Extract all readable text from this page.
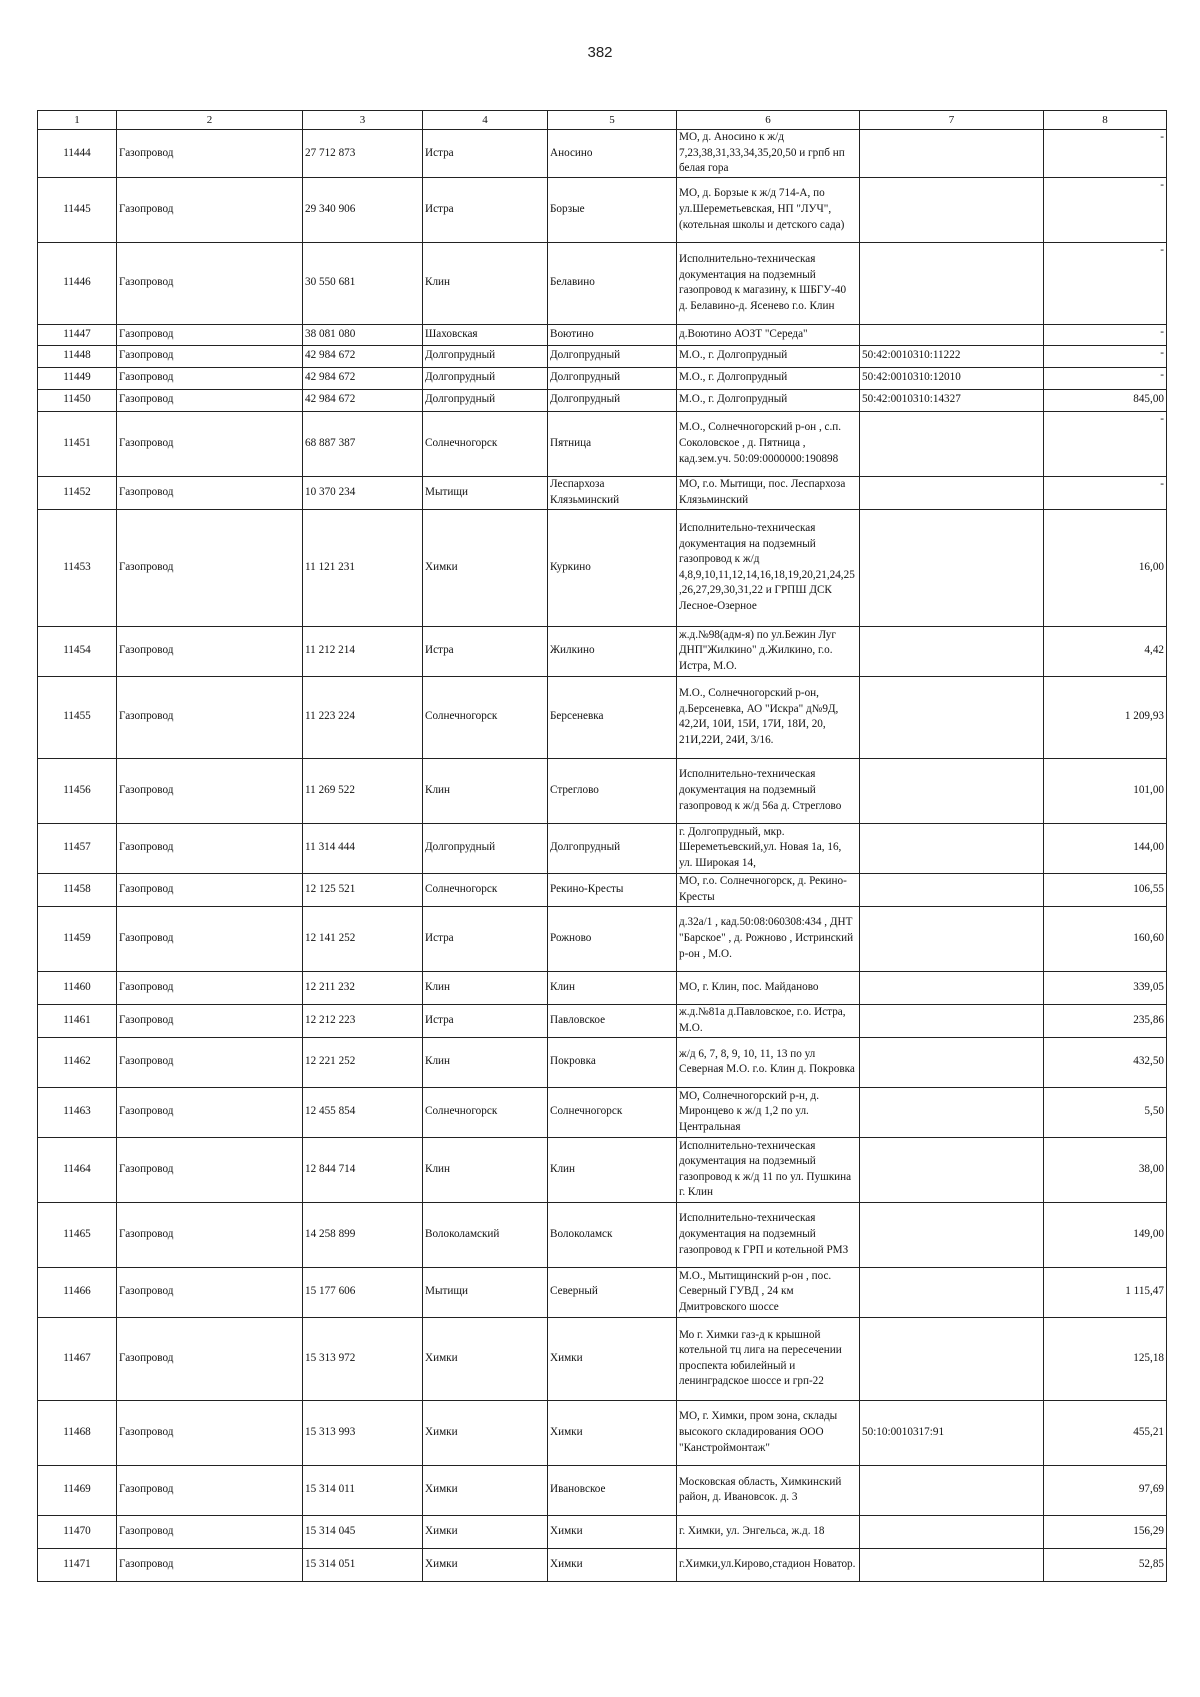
382
1	2	3	4	5	6	7	8
11444	Газопровод	27 712 873	Истра	Аносино	МО, д. Аносино к ж/д 7,23,38,31,33,34,35,20,50 и грпб нп белая гора		-
11445	Газопровод	29 340 906	Истра	Борзые	МО, д. Борзые к ж/д 714-А, по ул.Шереметьевская, НП "ЛУЧ",(котельная школы и детского сада)		-
11446	Газопровод	30 550 681	Клин	Белавино	Исполнительно-техническая документация на подземный газопровод к магазину, к ШБГУ-40 д. Белавино-д. Ясенево г.о. Клин		-
11447	Газопровод	38 081 080	Шаховская	Воютино	д.Воютино АОЗТ "Середа"		-
11448	Газопровод	42 984 672	Долгопрудный	Долгопрудный	М.О., г. Долгопрудный	50:42:0010310:11222	-
11449	Газопровод	42 984 672	Долгопрудный	Долгопрудный	М.О., г. Долгопрудный	50:42:0010310:12010	-
11450	Газопровод	42 984 672	Долгопрудный	Долгопрудный	М.О., г. Долгопрудный	50:42:0010310:14327	845,00
11451	Газопровод	68 887 387	Солнечногорск	Пятница	М.О., Солнечногорский р-он , с.п. Соколовское , д. Пятница , кад.зем.уч. 50:09:0000000:190898		-
11452	Газопровод	10 370 234	Мытищи	Леспархоза Клязьминский	МО, г.о. Мытищи, пос. Леспархоза Клязьминский		-
11453	Газопровод	11 121 231	Химки	Куркино	Исполнительно-техническая документация на подземный газопровод к ж/д 4,8,9,10,11,12,14,16,18,19,20,21,24,25,26,27,29,30,31,22 и ГРПШ ДСК Лесное-Озерное		16,00
11454	Газопровод	11 212 214	Истра	Жилкино	ж.д.№98(адм-я) по ул.Бежин Луг ДНП"Жилкино" д.Жилкино, г.о. Истра, М.О.		4,42
11455	Газопровод	11 223 224	Солнечногорск	Берсеневка	М.О., Солнечногорский р-он, д.Берсеневка, АО "Искра" д№9Д, 42,2И, 10И, 15И, 17И, 18И, 20, 21И,22И, 24И, 3/16.		1 209,93
11456	Газопровод	11 269 522	Клин	Стреглово	Исполнительно-техническая документация на подземный газопровод к ж/д 56а д. Стреглово		101,00
11457	Газопровод	11 314 444	Долгопрудный	Долгопрудный	г. Долгопрудный, мкр. Шереметьевский,ул. Новая 1а, 16, ул. Широкая 14,		144,00
11458	Газопровод	12 125 521	Солнечногорск	Рекино-Кресты	МО, г.о. Солнечногорск, д. Рекино-Кресты		106,55
11459	Газопровод	12 141 252	Истра	Рожново	д.32а/1 , кад.50:08:060308:434 , ДНТ "Барское" , д. Рожново , Истринский р-он , М.О.		160,60
11460	Газопровод	12 211 232	Клин	Клин	МО, г. Клин, пос. Майданово		339,05
11461	Газопровод	12 212 223	Истра	Павловское	ж.д.№81а д.Павловское, г.о. Истра, М.О.		235,86
11462	Газопровод	12 221 252	Клин	Покровка	ж/д 6, 7, 8, 9, 10, 11, 13 по ул Северная М.О. г.о. Клин д. Покровка		432,50
11463	Газопровод	12 455 854	Солнечногорск	Солнечногорск	МО, Солнечногорский р-н, д. Миронцево к ж/д 1,2 по ул. Центральная		5,50
11464	Газопровод	12 844 714	Клин	Клин	Исполнительно-техническая документация на подземный газопровод к ж/д 11 по ул. Пушкина г. Клин		38,00
11465	Газопровод	14 258 899	Волоколамский	Волоколамск	Исполнительно-техническая документация на подземный газопровод к ГРП и котельной РМЗ		149,00
11466	Газопровод	15 177 606	Мытищи	Северный	М.О., Мытищинский р-он , пос. Северный ГУВД , 24 км Дмитровского шоссе		1 115,47
11467	Газопровод	15 313 972	Химки	Химки	Мо г. Химки газ-д к крышной котельной тц лига на пересечении проспекта юбилейный и ленинградское шоссе и грп-22		125,18
11468	Газопровод	15 313 993	Химки	Химки	МО, г. Химки, пром зона, склады высокого складирования ООО "Канстроймонтаж"	50:10:0010317:91	455,21
11469	Газопровод	15 314 011	Химки	Ивановское	Московская область, Химкинский район, д. Ивановсок. д. 3		97,69
11470	Газопровод	15 314 045	Химки	Химки	г. Химки, ул. Энгельса, ж.д. 18		156,29
11471	Газопровод	15 314 051	Химки	Химки	г.Химки,ул.Кирово,стадион Новатор.		52,85
